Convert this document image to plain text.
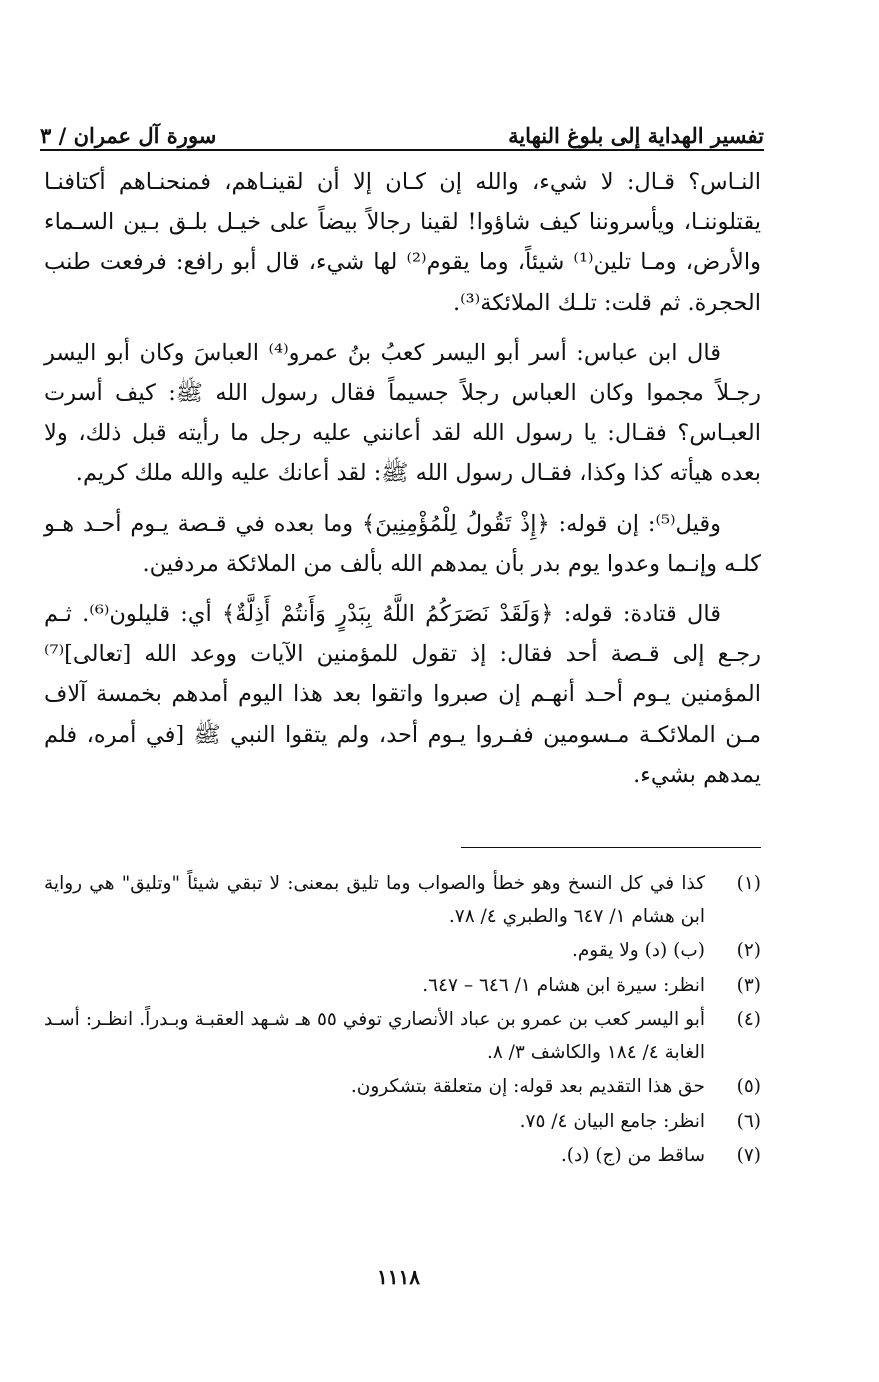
تفسير الهداية إلى بلوغ النهاية
سورة آل عمران / ٣

النـاس؟ قـال: لا شيء، والله إن كـان إلا أن لقينـاهم، فمنحنـاهم أكتافنـا يقتلوننـا، ويأسروننا كيف شاؤوا! لقينا رجالاً بيضاً على خيـل بلـق بـين السـماء والأرض، ومـا تلين⁽¹⁾ شيئاً، وما يقوم⁽²⁾ لها شيء، قال أبو رافع: فرفعت طنب الحجرة. ثم قلت: تلـك الملائكة⁽³⁾.

قال ابن عباس: أسر أبو اليسر كعبُ بنُ عمرو⁽⁴⁾ العباسَ وكان أبو اليسر رجـلاً مجموا وكان العباس رجلاً جسيماً فقال رسول الله ﷺ: كيف أسرت العبـاس؟ فقـال: يا رسول الله لقد أعانني عليه رجل ما رأيته قبل ذلك، ولا بعده هيأته كذا وكذا، فقـال رسول الله ﷺ: لقد أعانك عليه والله ملك كريم.

وقيل⁽⁵⁾: إن قوله: ﴿إِذْ تَقُولُ لِلْمُؤْمِنِينَ﴾ وما بعده في قـصة يـوم أحـد هـو كلـه وإنـما وعدوا يوم بدر بأن يمدهم الله بألف من الملائكة مردفين.

قال قتادة: قوله: ﴿وَلَقَدْ نَصَرَكُمُ اللَّهُ بِبَدْرٍ وَأَنتُمْ أَذِلَّةٌ﴾ أي: قليلون⁽⁶⁾. ثـم رجـع إلى قـصة أحد فقال: إذ تقول للمؤمنين الآيات ووعد الله [تعالى]⁽⁷⁾ المؤمنين يـوم أحـد أنهـم إن صبروا واتقوا بعد هذا اليوم أمدهم بخمسة آلاف مـن الملائكـة مـسومين ففـروا يـوم أحد، ولم يتقوا النبي ﷺ [في أمره، فلم يمدهم بشيء.

(١)
كذا في كل النسخ وهو خطأ والصواب وما تليق بمعنى: لا تبقي شيئاً "وتليق" هي رواية ابن هشام ١/ ٦٤٧ والطبري ٤/ ٧٨.
(٢)
(ب) (د) ولا يقوم.
(٣)
انظر: سيرة ابن هشام ١/ ٦٤٦ – ٦٤٧.
(٤)
أبو اليسر كعب بن عمرو بن عباد الأنصاري توفي ٥٥ هـ شـهد العقبـة وبـدراً. انظـر: أسـد الغابة ٤/ ١٨٤ والكاشف ٣/ ٨.
(٥)
حق هذا التقديم بعد قوله: إن متعلقة بتشكرون.
(٦)
انظر: جامع البيان ٤/ ٧٥.
(٧)
ساقط من (ج) (د).
١١١٨
